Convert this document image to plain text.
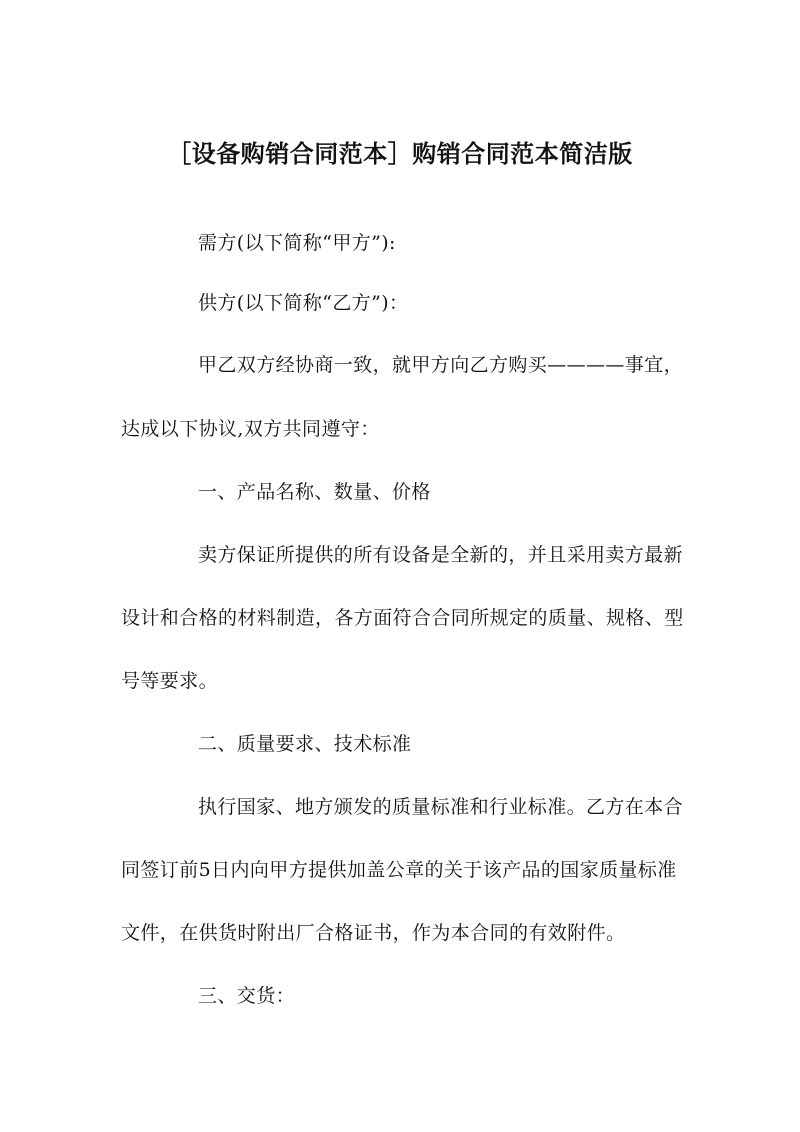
［设备购销合同范本］购销合同范本简洁版
需方(以下简称“甲方”):
供方(以下简称“乙方”)：
甲乙双方经协商一致，就甲方向乙方购买————事宜，
达成以下协议,双方共同遵守：
一、产品名称、数量、价格
卖方保证所提供的所有设备是全新的，并且采用卖方最新
设计和合格的材料制造，各方面符合合同所规定的质量、规格、型
号等要求。
二、质量要求、技术标准
执行国家、地方颁发的质量标准和行业标准。乙方在本合
同签订前5日内向甲方提供加盖公章的关于该产品的国家质量标准
文件，在供货时附出厂合格证书，作为本合同的有效附件。
三、交货：
